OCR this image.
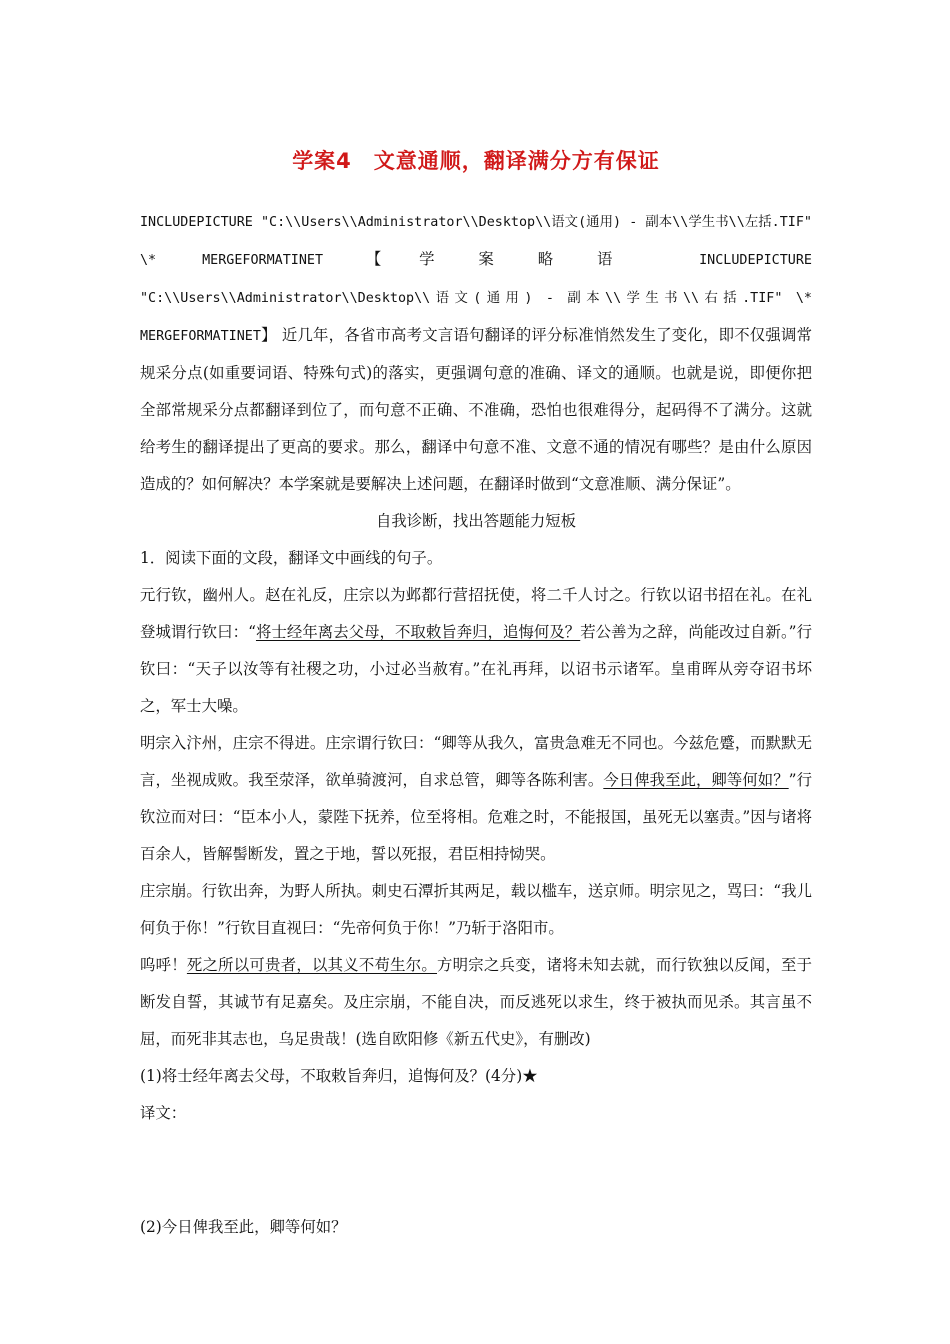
学案4　文意通顺，翻译满分方有保证

INCLUDEPICTURE "C:\\Users\\Administrator\\Desktop\\语文(通用) - 副本\\学生书\\左括.TIF" \* MERGEFORMATINET	【学案略语	INCLUDEPICTURE "C:\\Users\\Administrator\\Desktop\\语文(通用) - 副本\\学生书\\右括.TIF" \* MERGEFORMATINET】 近几年，各省市高考文言语句翻译的评分标准悄然发生了变化，即不仅强调常规采分点(如重要词语、特殊句式)的落实，更强调句意的准确、译文的通顺。也就是说，即便你把全部常规采分点都翻译到位了，而句意不正确、不准确，恐怕也很难得分，起码得不了满分。这就给考生的翻译提出了更高的要求。那么，翻译中句意不准、文意不通的情况有哪些？是由什么原因造成的？如何解决？本学案就是要解决上述问题，在翻译时做到“文意准顺、满分保证”。

自我诊断，找出答题能力短板

1．阅读下面的文段，翻译文中画线的句子。

元行钦，幽州人。赵在礼反，庄宗以为邺都行营招抚使，将二千人讨之。行钦以诏书招在礼。在礼登城谓行钦曰：“将士经年离去父母，不取敕旨奔归，追悔何及？若公善为之辞，尚能改过自新。”行钦曰：“天子以汝等有社稷之功，小过必当赦宥。”在礼再拜，以诏书示诸军。皇甫晖从旁夺诏书坏之，军士大噪。

明宗入汴州，庄宗不得进。庄宗谓行钦曰：“卿等从我久，富贵急难无不同也。今兹危蹙，而默默无言，坐视成败。我至荥泽，欲单骑渡河，自求总管，卿等各陈利害。今日俾我至此，卿等何如？”行钦泣而对曰：“臣本小人，蒙陛下抚养，位至将相。危难之时，不能报国，虽死无以塞责。”因与诸将百余人，皆解髻断发，置之于地，誓以死报，君臣相持恸哭。

庄宗崩。行钦出奔，为野人所执。刺史石潭折其两足，载以槛车，送京师。明宗见之，骂曰：“我儿何负于你！”行钦目直视曰：“先帝何负于你！”乃斩于洛阳市。

呜呼！死之所以可贵者，以其义不苟生尔。方明宗之兵变，诸将未知去就，而行钦独以反闻，至于断发自誓，其诚节有足嘉矣。及庄宗崩，不能自决，而反逃死以求生，终于被执而见杀。其言虽不屈，而死非其志也，乌足贵哉！(选自欧阳修《新五代史》，有删改)

(1)将士经年离去父母，不取敕旨奔归，追悔何及？(4分)★

译文：

(2)今日俾我至此，卿等何如？
